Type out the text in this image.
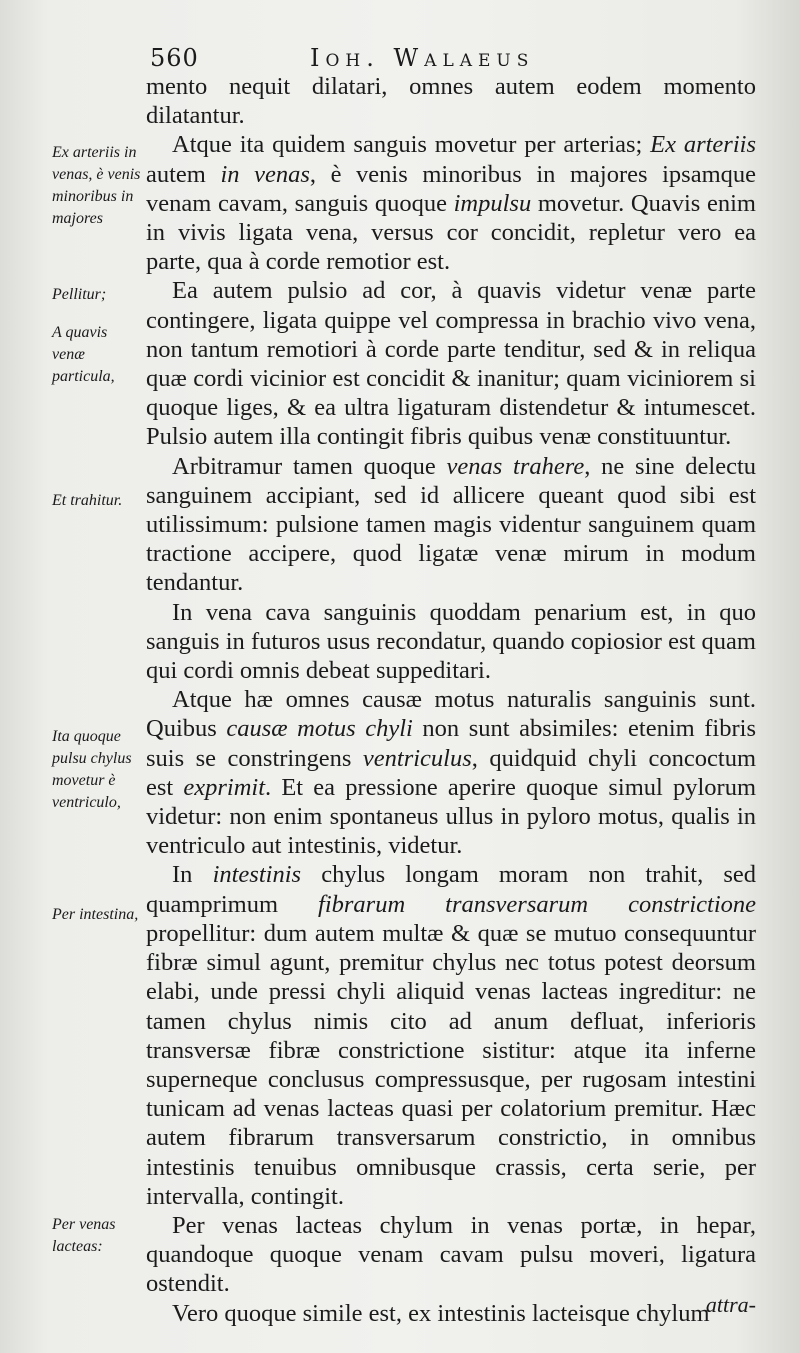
560	Ioh. Walaeus
Ex arteriis in venas, è venis minoribus in majores
Pellitur;
A quavis venæ particula,
Et trahitur.
Ita quoque pulsu chylus movetur è ventriculo,
Per intestina,
Per venas lacteas:

mento nequit dilatari, omnes autem eodem momento dilatantur.

Atque ita quidem sanguis movetur per arterias; Ex arteriis autem in venas, è venis minoribus in majores ipsamque venam cavam, sanguis quoque impulsu movetur. Quavis enim in vivis ligata vena, versus cor concidit, repletur vero ea parte, qua à corde remotior est.

Ea autem pulsio ad cor, à quavis videtur venæ parte contingere, ligata quippe vel compressa in brachio vivo vena, non tantum remotiori à corde parte tenditur, sed & in reliqua quæ cordi vicinior est concidit & inanitur; quam viciniorem si quoque liges, & ea ultra ligaturam distendetur & intumescet. Pulsio autem illa contingit fibris quibus venæ constituuntur.

Arbitramur tamen quoque venas trahere, ne sine delectu sanguinem accipiant, sed id allicere queant quod sibi est utilissimum: pulsione tamen magis videntur sanguinem quam tractione accipere, quod ligatæ venæ mirum in modum tendantur.

In vena cava sanguinis quoddam penarium est, in quo sanguis in futuros usus recondatur, quando copiosior est quam qui cordi omnis debeat suppeditari.

Atque hæ omnes causæ motus naturalis sanguinis sunt. Quibus causæ motus chyli non sunt absimiles: etenim fibris suis se constringens ventriculus, quidquid chyli concoctum est exprimit. Et ea pressione aperire quoque simul pylorum videtur: non enim spontaneus ullus in pyloro motus, qualis in ventriculo aut intestinis, videtur.

In intestinis chylus longam moram non trahit, sed quamprimum fibrarum transversarum constrictione propellitur: dum autem multæ & quæ se mutuo consequuntur fibræ simul agunt, premitur chylus nec totus potest deorsum elabi, unde pressi chyli aliquid venas lacteas ingreditur: ne tamen chylus nimis cito ad anum defluat, inferioris transversæ fibræ constrictione sistitur: atque ita inferne superneque conclusus compressusque, per rugosam intestini tunicam ad venas lacteas quasi per colatorium premitur. Hæc autem fibrarum transversarum constrictio, in omnibus intestinis tenuibus omnibusque crassis, certa serie, per intervalla, contingit.

Per venas lacteas chylum in venas portæ, in hepar, quandoque quoque venam cavam pulsu moveri, ligatura ostendit.

Vero quoque simile est, ex intestinis lacteisque chylum

attra-
